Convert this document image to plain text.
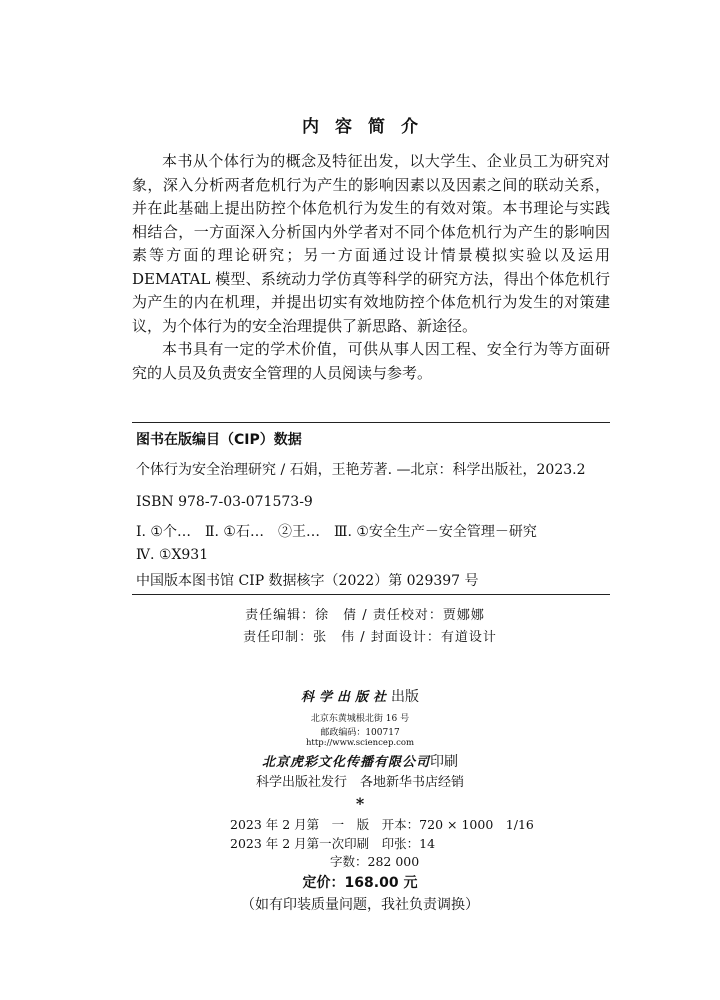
内容简介

本书从个体行为的概念及特征出发，以大学生、企业员工为研究对象，深入分析两者危机行为产生的影响因素以及因素之间的联动关系，并在此基础上提出防控个体危机行为发生的有效对策。本书理论与实践相结合，一方面深入分析国内外学者对不同个体危机行为产生的影响因素等方面的理论研究；另一方面通过设计情景模拟实验以及运用 DEMATAL 模型、系统动力学仿真等科学的研究方法，得出个体危机行为产生的内在机理，并提出切实有效地防控个体危机行为发生的对策建议，为个体行为的安全治理提供了新思路、新途径。

本书具有一定的学术价值，可供从事人因工程、安全行为等方面研究的人员及负责安全管理的人员阅读与参考。

图书在版编目（CIP）数据
个体行为安全治理研究 / 石娟，王艳芳著. —北京：科学出版社，2023.2
ISBN 978-7-03-071573-9
Ⅰ. ①个…　Ⅱ. ①石…　②王…　Ⅲ. ①安全生产－安全管理－研究
Ⅳ. ①X931
中国版本图书馆 CIP 数据核字（2022）第 029397 号
责任编辑：徐　倩 / 责任校对：贾娜娜
责任印制：张　伟 / 封面设计：有道设计
科学出版社出版
北京东黄城根北街 16 号
邮政编码：100717
http://www.sciencep.com
北京虎彩文化传播有限公司印刷
科学出版社发行　各地新华书店经销
*
2023 年 2 月第　一　版　开本：720 × 1000　1/16
2023 年 2 月第一次印刷　印张：14
字数：282 000
定价：168.00 元
（如有印装质量问题，我社负责调换）
